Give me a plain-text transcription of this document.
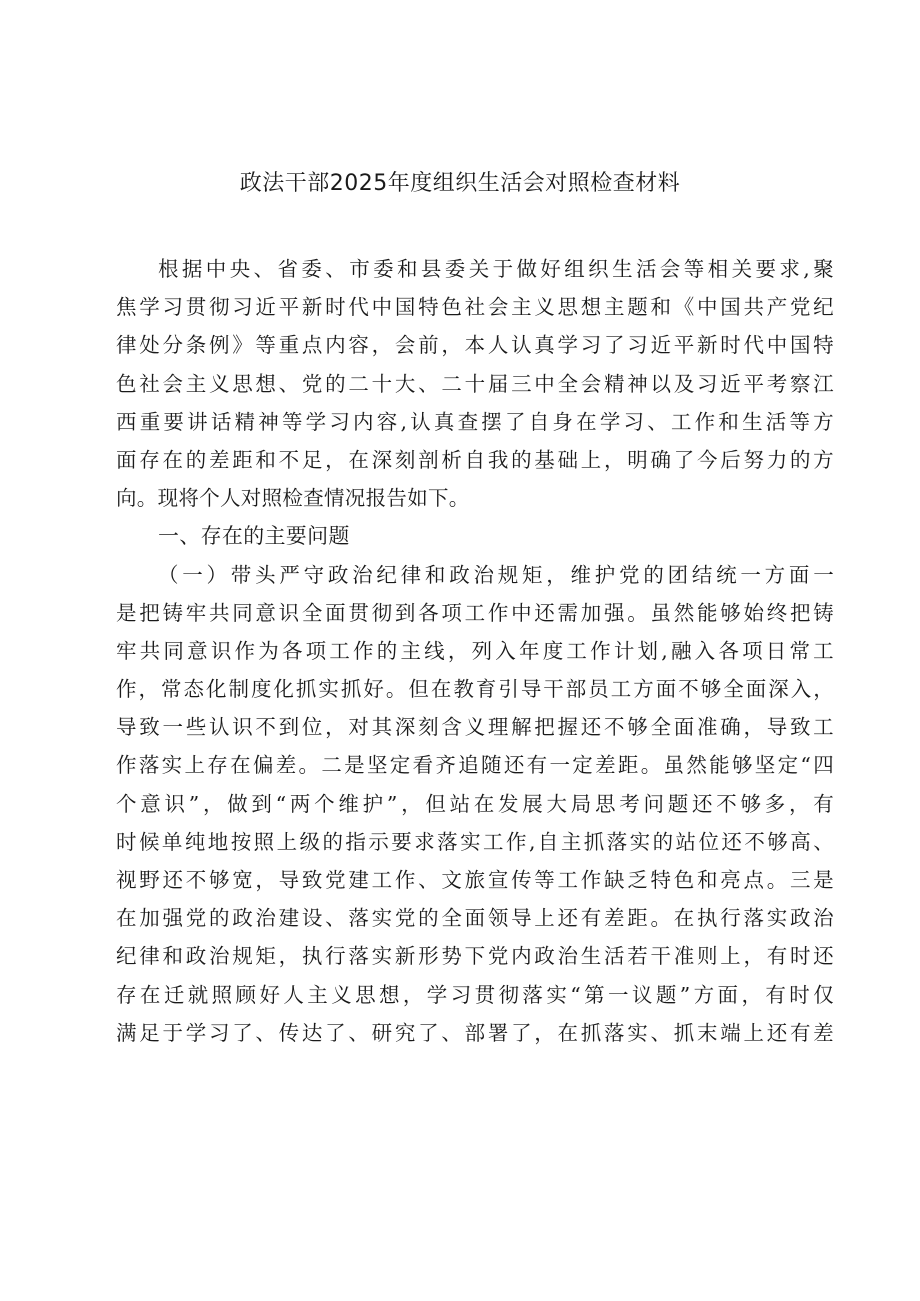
政法干部2025年度组织生活会对照检查材料
根据中央、省委、市委和县委关于做好组织生活会等相关要求,聚
焦学习贯彻习近平新时代中国特色社会主义思想主题和《中国共产党纪
律处分条例》等重点内容，会前，本人认真学习了习近平新时代中国特
色社会主义思想、党的二十大、二十届三中全会精神以及习近平考察江
西重要讲话精神等学习内容,认真查摆了自身在学习、工作和生活等方
面存在的差距和不足，在深刻剖析自我的基础上，明确了今后努力的方
向。现将个人对照检查情况报告如下。
一、存在的主要问题
（一）带头严守政治纪律和政治规矩，维护党的团结统一方面一
是把铸牢共同意识全面贯彻到各项工作中还需加强。虽然能够始终把铸
牢共同意识作为各项工作的主线，列入年度工作计划,融入各项日常工
作，常态化制度化抓实抓好。但在教育引导干部员工方面不够全面深入，
导致一些认识不到位，对其深刻含义理解把握还不够全面准确，导致工
作落实上存在偏差。二是坚定看齐追随还有一定差距。虽然能够坚定“四
个意识”，做到“两个维护”，但站在发展大局思考问题还不够多，有
时候单纯地按照上级的指示要求落实工作,自主抓落实的站位还不够高、
视野还不够宽，导致党建工作、文旅宣传等工作缺乏特色和亮点。三是
在加强党的政治建设、落实党的全面领导上还有差距。在执行落实政治
纪律和政治规矩，执行落实新形势下党内政治生活若干准则上，有时还
存在迁就照顾好人主义思想，学习贯彻落实“第一议题”方面，有时仅
满足于学习了、传达了、研究了、部署了，在抓落实、抓末端上还有差
